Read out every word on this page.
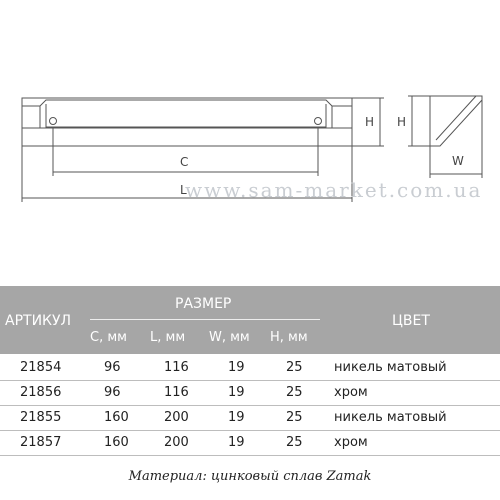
C
L
H H
W
www.sam-market.com.ua
АРТИКУЛ
РАЗМЕР
ЦВЕТ
С, мм L, мм W, мм H, мм
21854	96	116	19	25 никель матовый
21856	96	116	19	25 хром
21855	160	200	19	25 никель матовый
21857	160	200	19	25 хром
Материал: цинковый сплав Zamak
